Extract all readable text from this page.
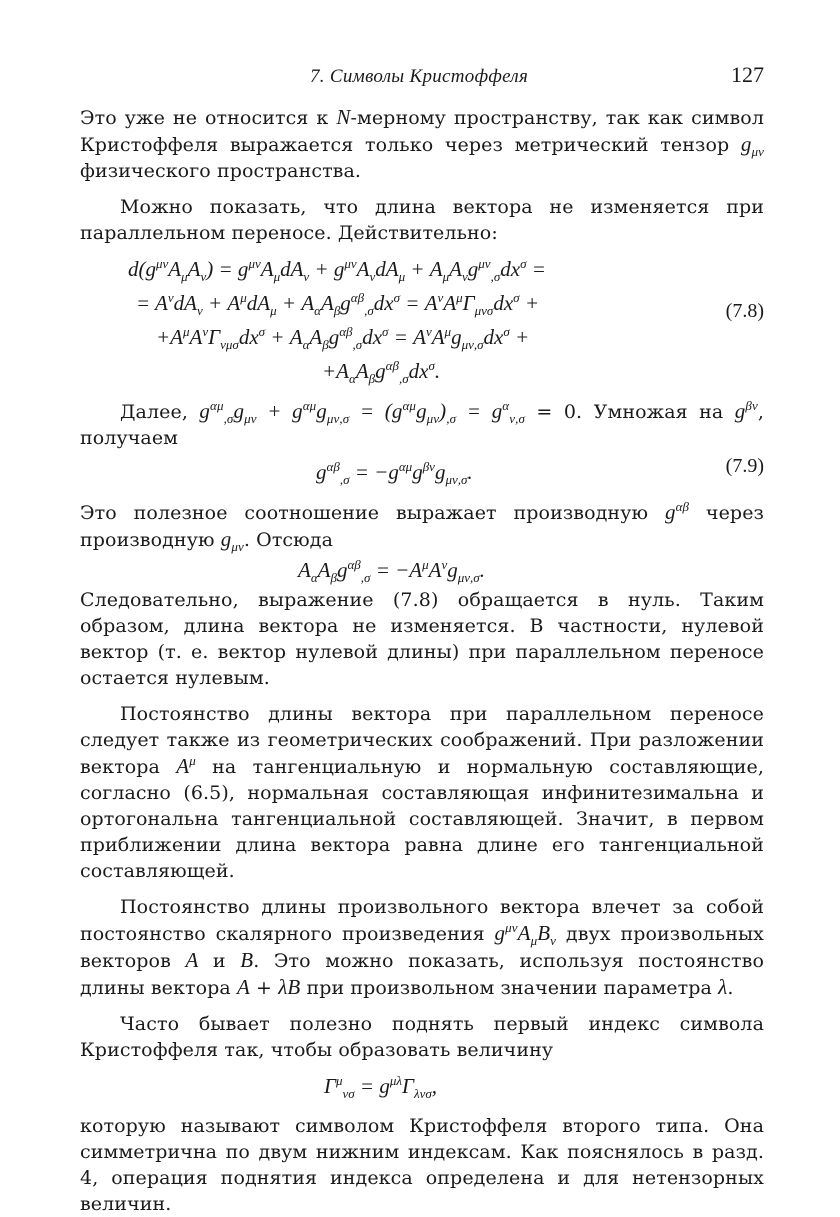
7. Символы Кристоффеля	127

Это уже не относится к N-мерному пространству, так как символ Кристоффеля выражается только через метрический тензор $g_{\mu\nu}$ физического пространства.

Можно показать, что длина вектора не изменяется при параллельном переносе. Действительно:

$d(g^{\mu\nu}A_\mu A_\nu) = g^{\mu\nu}A_\mu dA_\nu + g^{\mu\nu}A_\nu dA_\mu + A_\mu A_\nu g^{\mu\nu}_{,\sigma}dx^\sigma$ =
= $A^\nu dA_\nu + A^\mu dA_\mu + A_\alpha A_\beta g^{\alpha\beta}_{,\sigma}dx^\sigma = A^\nu A^\mu\Gamma_{\mu\nu\sigma}dx^\sigma$ +
$+A^\mu A^\nu\Gamma_{\nu\mu\sigma}dx^\sigma + A_\alpha A_\beta g^{\alpha\beta}_{,\sigma}dx^\sigma = A^\nu A^\mu g_{\mu\nu,\sigma}dx^\sigma$ +
$+A_\alpha A_\beta g^{\alpha\beta}_{,\sigma}dx^\sigma$.
(7.8)

Далее, $g^{\alpha\mu}_{,\sigma}g_{\mu\nu} + g^{\alpha\mu}g_{\mu\nu,\sigma} = (g^{\alpha\mu}g_{\mu\nu})_{,\sigma} = g^\alpha_{\nu,\sigma} = 0$. Умножая на $g^{\beta\nu}$, получаем

$g^{\alpha\beta}_{,\sigma} = -g^{\alpha\mu}g^{\beta\nu}g_{\mu\nu,\sigma}$.	(7.9)

Это полезное соотношение выражает производную $g^{\alpha\beta}$ через производную $g_{\mu\nu}$. Отсюда

$A_\alpha A_\beta g^{\alpha\beta}_{,\sigma} = -A^\mu A^\nu g_{\mu\nu,\sigma}$.

Следовательно, выражение (7.8) обращается в нуль. Таким образом, длина вектора не изменяется. В частности, нулевой вектор (т. е. вектор нулевой длины) при параллельном переносе остается нулевым.

Постоянство длины вектора при параллельном переносе следует также из геометрических соображений. При разложении вектора $A^\mu$ на тангенциальную и нормальную составляющие, согласно (6.5), нормальная составляющая инфинитезимальна и ортогональна тангенциальной составляющей. Значит, в первом приближении длина вектора равна длине его тангенциальной составляющей.

Постоянство длины произвольного вектора влечет за собой постоянство скалярного произведения $g^{\mu\nu}A_\mu B_\nu$ двух произвольных векторов A и B. Это можно показать, используя постоянство длины вектора A + λB при произвольном значении параметра λ.

Часто бывает полезно поднять первый индекс символа Кристоффеля так, чтобы образовать величину

$\Gamma^\mu_{\nu\sigma} = g^{\mu\lambda}\Gamma_{\lambda\nu\sigma}$,

которую называют символом Кристоффеля второго типа. Она симметрична по двум нижним индексам. Как пояснялось в разд. 4, операция поднятия индекса определена и для нетензорных величин.
